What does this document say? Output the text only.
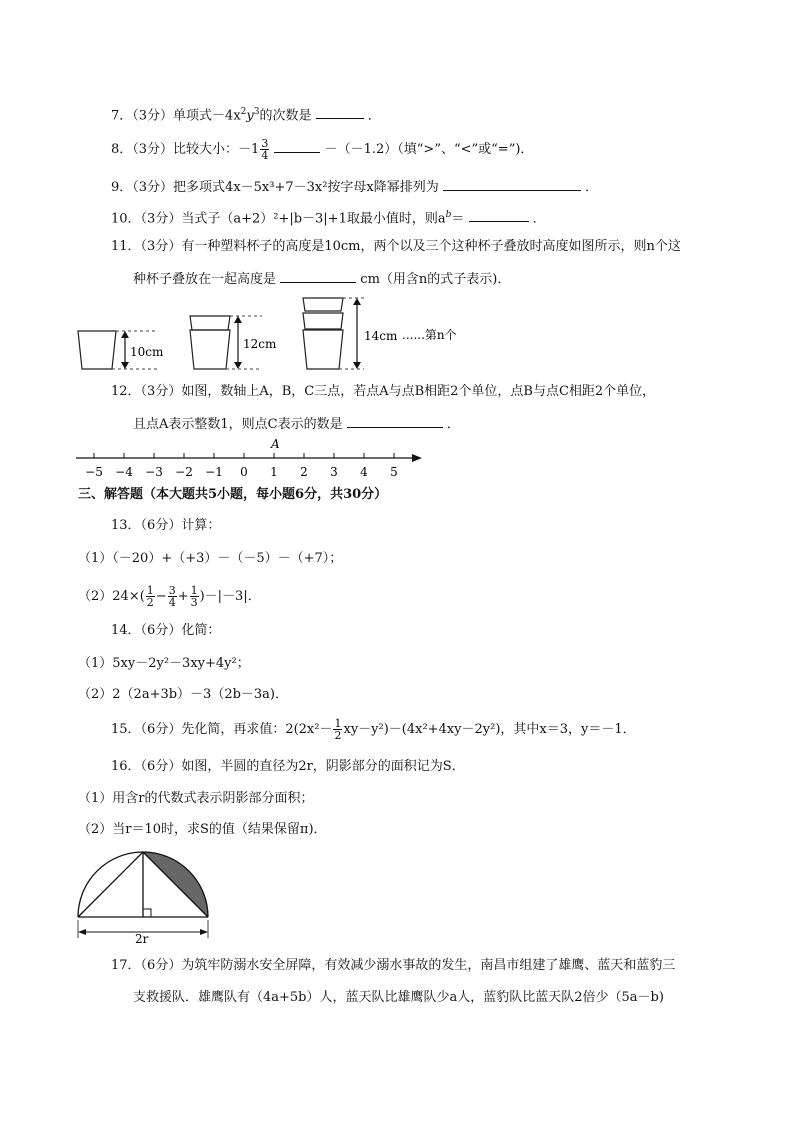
7．（3分）单项式$-4x^2y^3$的次数是	．
8．（3分）比较大小：$-1 \frac{3}{4}$	－（－1.2）（填“>”、“<”或“=”)．
9．（3分）把多项式4x－5x³+7－3x²按字母x降幂排列为	．
10．（3分）当式子（a+2）²+|b－3|+1取最小值时，则$a^b=$	．
11．（3分）有一种塑料杯子的高度是10cm，两个以及三个这种杯子叠放时高度如图所示，则n个这
种杯子叠放在一起高度是	cm（用含n的式子表示)．
10cm
12cm
14cm ......第n个
12．（3分）如图，数轴上A，B，C三点，若点A与点B相距2个单位，点B与点C相距2个单位，
且点A表示整数1，则点C表示的数是	．
A
−5 −4 −3 −2 −1 0 1 2 3 4 5
三、解答题（本大题共5小题，每小题6分，共30分）
13．（6分）计算：
（1）（－20）+（+3）－（－5）－（+7）；
$(2)24\times( \frac{1}{2} - \frac{3}{4} + \frac{1}{3} )-|-3|$．
14．（6分）化简：
（1）5xy－2y²－3xy+4y²；
（2）2（2a+3b）－3（2b－3a)．
15．（6分）先化简，再求值：$2(2x^2- \frac{1}{2} xy-y^2)-(4x^2+4xy-2y^2)$，其中x＝3，y＝－1．
16．（6分）如图，半圆的直径为2r，阴影部分的面积记为S．
（1）用含r的代数式表示阴影部分面积；
（2）当r＝10时，求S的值（结果保留π)．
2r
17．（6分）为筑牢防溺水安全屏障，有效减少溺水事故的发生，南昌市组建了雄鹰、蓝天和蓝豹三
支救援队．雄鹰队有（4a+5b）人，蓝天队比雄鹰队少a人，蓝豹队比蓝天队2倍少（5a－b)
